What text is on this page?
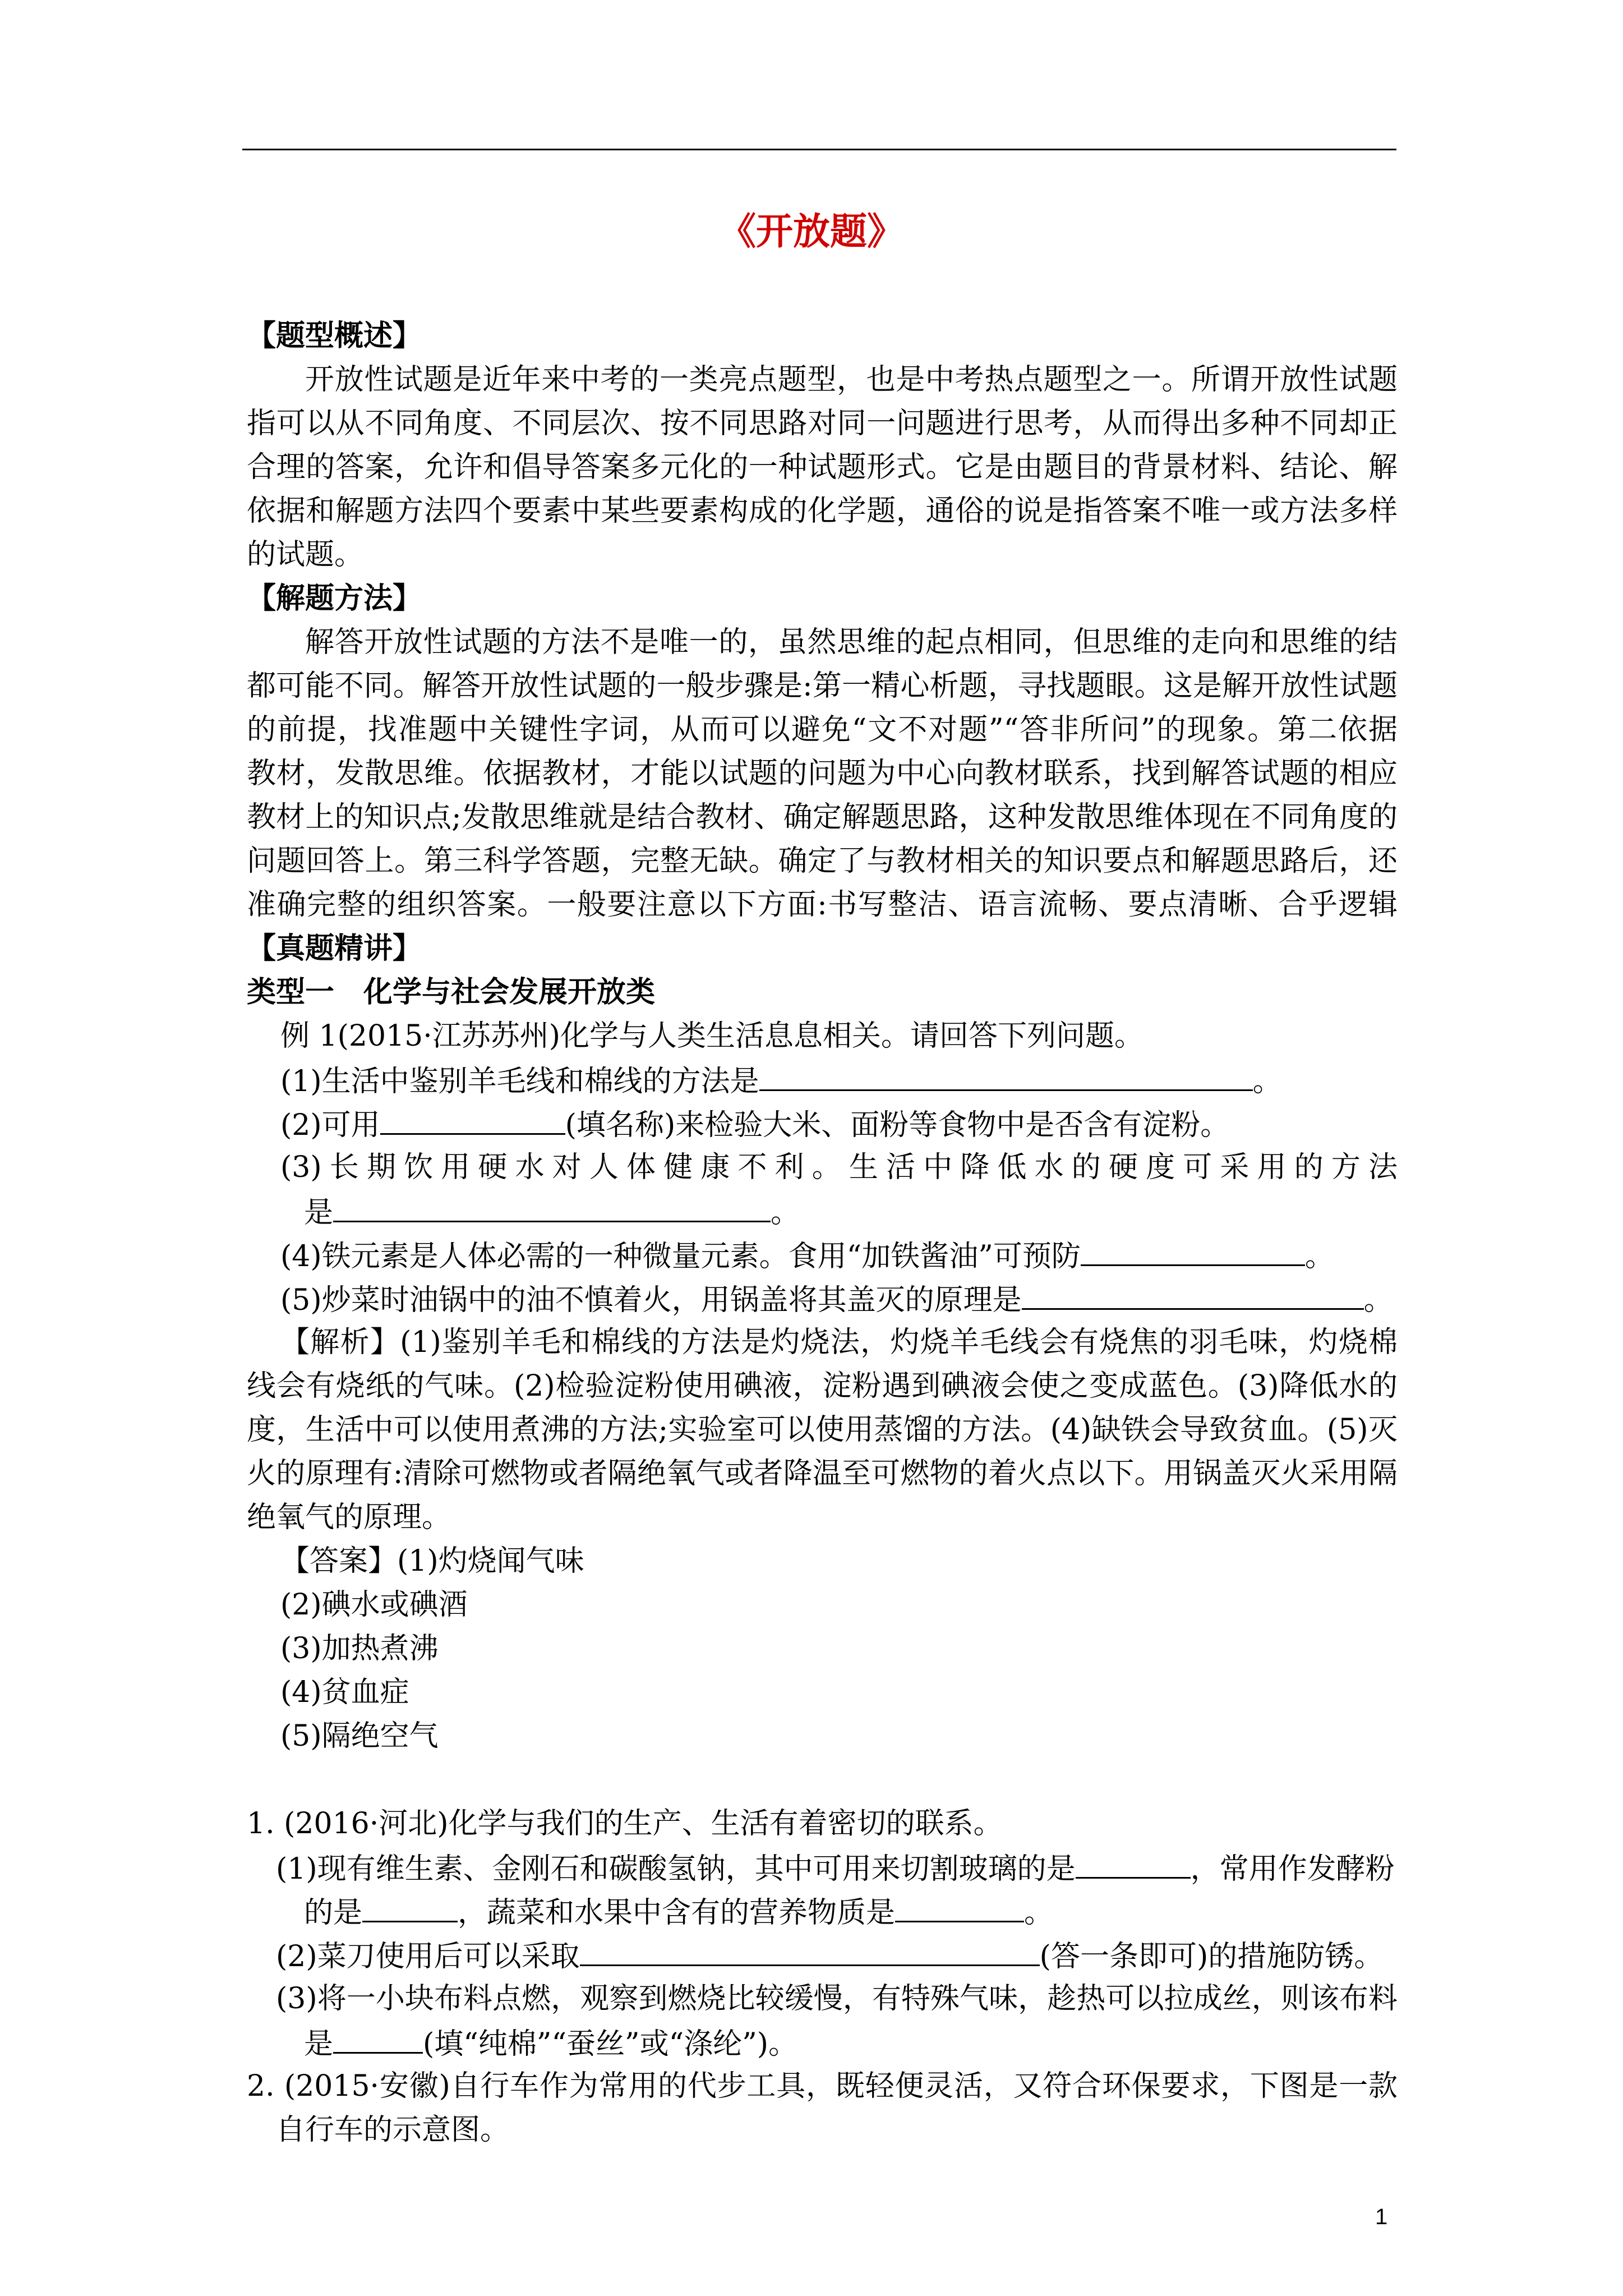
《开放题》
【题型概述】
开放性试题是近年来中考的一类亮点题型，也是中考热点题型之一。所谓开放性试题
指可以从不同角度、不同层次、按不同思路对同一问题进行思考，从而得出多种不同却正
合理的答案，允许和倡导答案多元化的一种试题形式。它是由题目的背景材料、结论、解
依据和解题方法四个要素中某些要素构成的化学题，通俗的说是指答案不唯一或方法多样
的试题。
【解题方法】
解答开放性试题的方法不是唯一的，虽然思维的起点相同，但思维的走向和思维的结
都可能不同。解答开放性试题的一般步骤是:第一精心析题，寻找题眼。这是解开放性试题
的前提，找准题中关键性字词，从而可以避免“文不对题”“答非所问”的现象。第二依据
教材，发散思维。依据教材，才能以试题的问题为中心向教材联系，找到解答试题的相应
教材上的知识点;发散思维就是结合教材、确定解题思路，这种发散思维体现在不同角度的
问题回答上。第三科学答题，完整无缺。确定了与教材相关的知识要点和解题思路后，还
准确完整的组织答案。一般要注意以下方面:书写整洁、语言流畅、要点清晰、合乎逻辑
【真题精讲】
类型一　化学与社会发展开放类
例 1(2015·江苏苏州)化学与人类生活息息相关。请回答下列问题。
(1)生活中鉴别羊毛线和棉线的方法是	。
(2)可用	(填名称)来检验大米、面粉等食物中是否含有淀粉。
(3)长期饮用硬水对人体健康不利。生活中降低水的硬度可采用的方法
是	。
(4)铁元素是人体必需的一种微量元素。食用“加铁酱油”可预防	。
(5)炒菜时油锅中的油不慎着火，用锅盖将其盖灭的原理是	。
【解析】(1)鉴别羊毛和棉线的方法是灼烧法，灼烧羊毛线会有烧焦的羽毛味，灼烧棉
线会有烧纸的气味。(2)检验淀粉使用碘液，淀粉遇到碘液会使之变成蓝色。(3)降低水的
度，生活中可以使用煮沸的方法;实验室可以使用蒸馏的方法。(4)缺铁会导致贫血。(5)灭
火的原理有:清除可燃物或者隔绝氧气或者降温至可燃物的着火点以下。用锅盖灭火采用隔
绝氧气的原理。
【答案】(1)灼烧闻气味
(2)碘水或碘酒
(3)加热煮沸
(4)贫血症
(5)隔绝空气
1. (2016·河北)化学与我们的生产、生活有着密切的联系。
(1)现有维生素、金刚石和碳酸氢钠，其中可用来切割玻璃的是	，常用作发酵粉
的是	，蔬菜和水果中含有的营养物质是	。
(2)菜刀使用后可以采取	(答一条即可)的措施防锈。
(3)将一小块布料点燃，观察到燃烧比较缓慢，有特殊气味，趁热可以拉成丝，则该布料
是	(填“纯棉”“蚕丝”或“涤纶”)。
2. (2015·安徽)自行车作为常用的代步工具，既轻便灵活，又符合环保要求，下图是一款
自行车的示意图。
1
